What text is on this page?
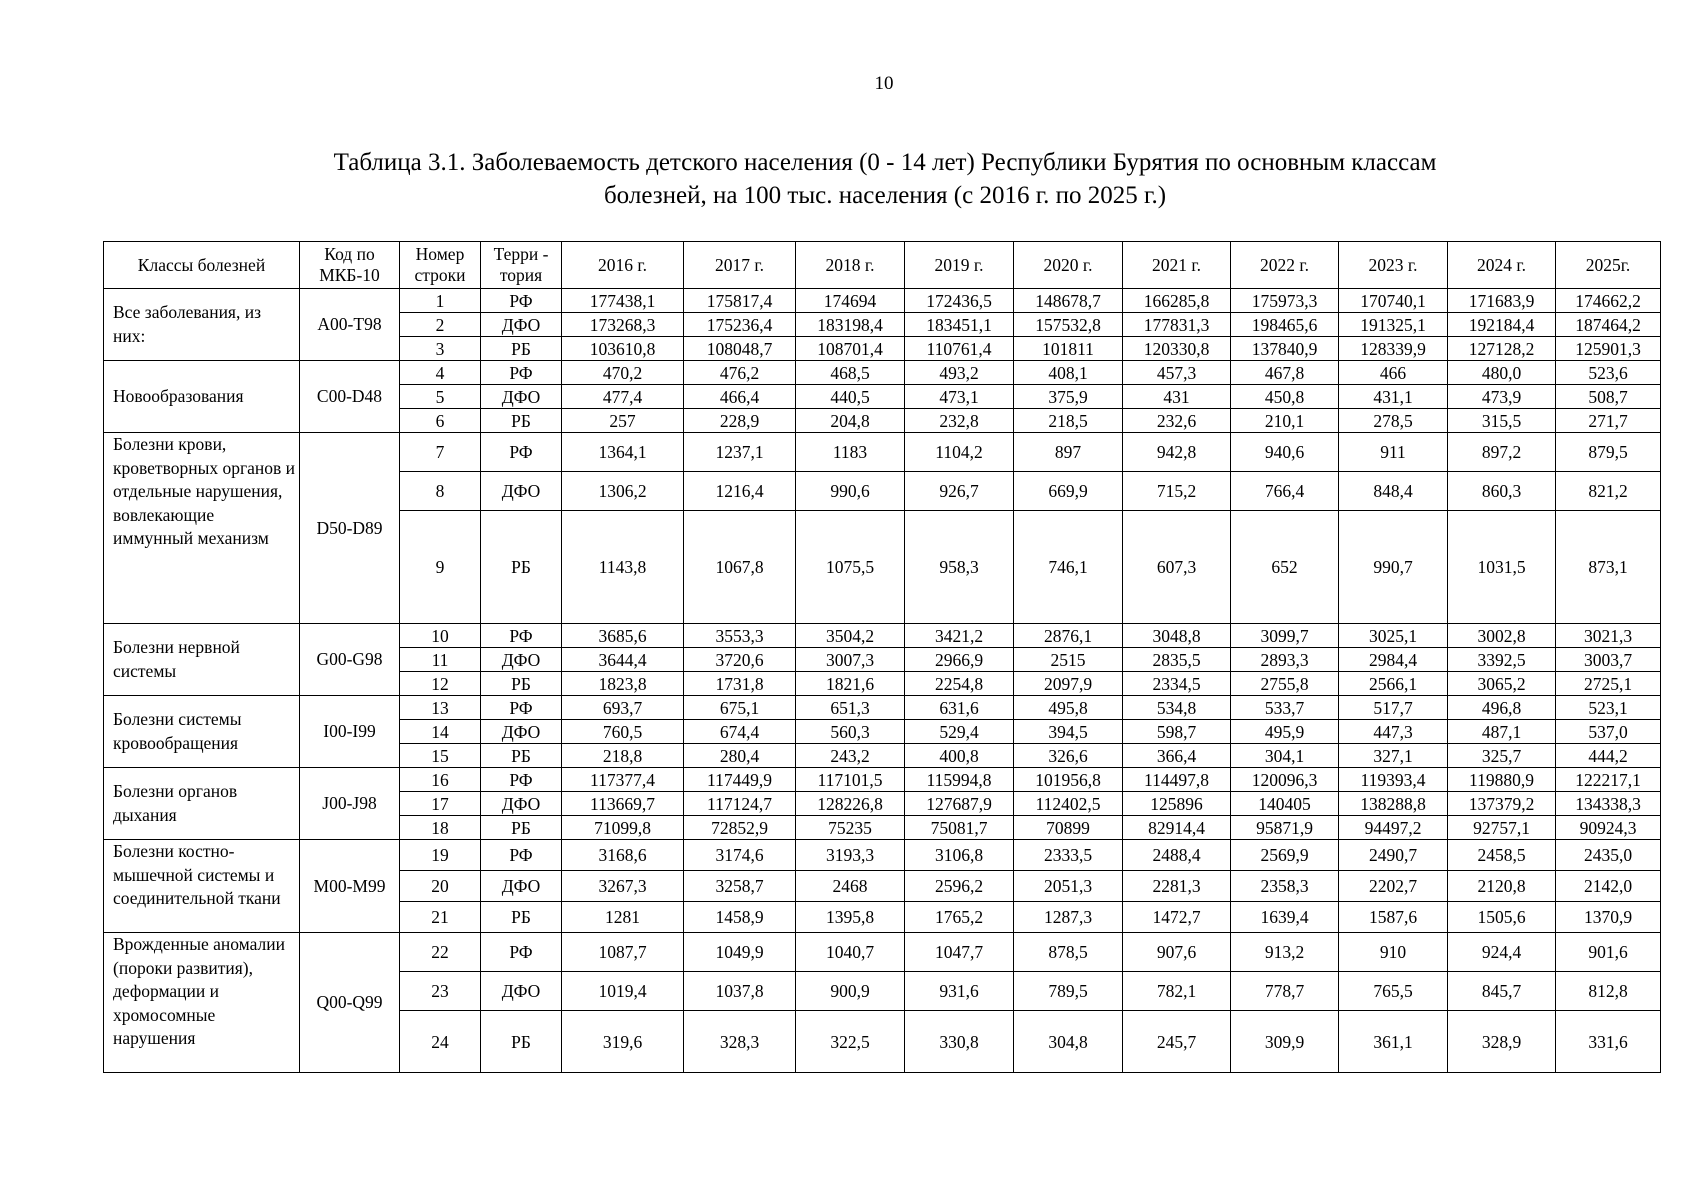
10
Таблица 3.1. Заболеваемость детского населения (0 - 14 лет) Республики Бурятия по основным классам
болезней, на 100 тыс. населения (с 2016 г. по 2025 г.)
Классы болезней	Код по МКБ-10	Номер строки	Терри - тория	2016 г.	2017 г.	2018 г.	2019 г.	2020 г.	2021 г.	2022 г.	2023 г.	2024 г.	2025г.
Все заболевания, из них:	A00-T98	1	РФ	177438,1	175817,4	174694	172436,5	148678,7	166285,8	175973,3	170740,1	171683,9	174662,2
		2	ДФО	173268,3	175236,4	183198,4	183451,1	157532,8	177831,3	198465,6	191325,1	192184,4	187464,2
		3	РБ	103610,8	108048,7	108701,4	110761,4	101811	120330,8	137840,9	128339,9	127128,2	125901,3
Новообразования	C00-D48	4	РФ	470,2	476,2	468,5	493,2	408,1	457,3	467,8	466	480,0	523,6
		5	ДФО	477,4	466,4	440,5	473,1	375,9	431	450,8	431,1	473,9	508,7
		6	РБ	257	228,9	204,8	232,8	218,5	232,6	210,1	278,5	315,5	271,7
Болезни крови, кроветворных органов и отдельные нарушения, вовлекающие иммунный механизм	D50-D89	7	РФ	1364,1	1237,1	1183	1104,2	897	942,8	940,6	911	897,2	879,5
		8	ДФО	1306,2	1216,4	990,6	926,7	669,9	715,2	766,4	848,4	860,3	821,2
		9	РБ	1143,8	1067,8	1075,5	958,3	746,1	607,3	652	990,7	1031,5	873,1
Болезни нервной системы	G00-G98	10	РФ	3685,6	3553,3	3504,2	3421,2	2876,1	3048,8	3099,7	3025,1	3002,8	3021,3
		11	ДФО	3644,4	3720,6	3007,3	2966,9	2515	2835,5	2893,3	2984,4	3392,5	3003,7
		12	РБ	1823,8	1731,8	1821,6	2254,8	2097,9	2334,5	2755,8	2566,1	3065,2	2725,1
Болезни системы кровообращения	I00-I99	13	РФ	693,7	675,1	651,3	631,6	495,8	534,8	533,7	517,7	496,8	523,1
		14	ДФО	760,5	674,4	560,3	529,4	394,5	598,7	495,9	447,3	487,1	537,0
		15	РБ	218,8	280,4	243,2	400,8	326,6	366,4	304,1	327,1	325,7	444,2
Болезни органов дыхания	J00-J98	16	РФ	117377,4	117449,9	117101,5	115994,8	101956,8	114497,8	120096,3	119393,4	119880,9	122217,1
		17	ДФО	113669,7	117124,7	128226,8	127687,9	112402,5	125896	140405	138288,8	137379,2	134338,3
		18	РБ	71099,8	72852,9	75235	75081,7	70899	82914,4	95871,9	94497,2	92757,1	90924,3
Болезни костно-мышечной системы и соединительной ткани	M00-M99	19	РФ	3168,6	3174,6	3193,3	3106,8	2333,5	2488,4	2569,9	2490,7	2458,5	2435,0
		20	ДФО	3267,3	3258,7	2468	2596,2	2051,3	2281,3	2358,3	2202,7	2120,8	2142,0
		21	РБ	1281	1458,9	1395,8	1765,2	1287,3	1472,7	1639,4	1587,6	1505,6	1370,9
Врожденные аномалии (пороки развития), деформации и хромосомные нарушения	Q00-Q99	22	РФ	1087,7	1049,9	1040,7	1047,7	878,5	907,6	913,2	910	924,4	901,6
		23	ДФО	1019,4	1037,8	900,9	931,6	789,5	782,1	778,7	765,5	845,7	812,8
		24	РБ	319,6	328,3	322,5	330,8	304,8	245,7	309,9	361,1	328,9	331,6
